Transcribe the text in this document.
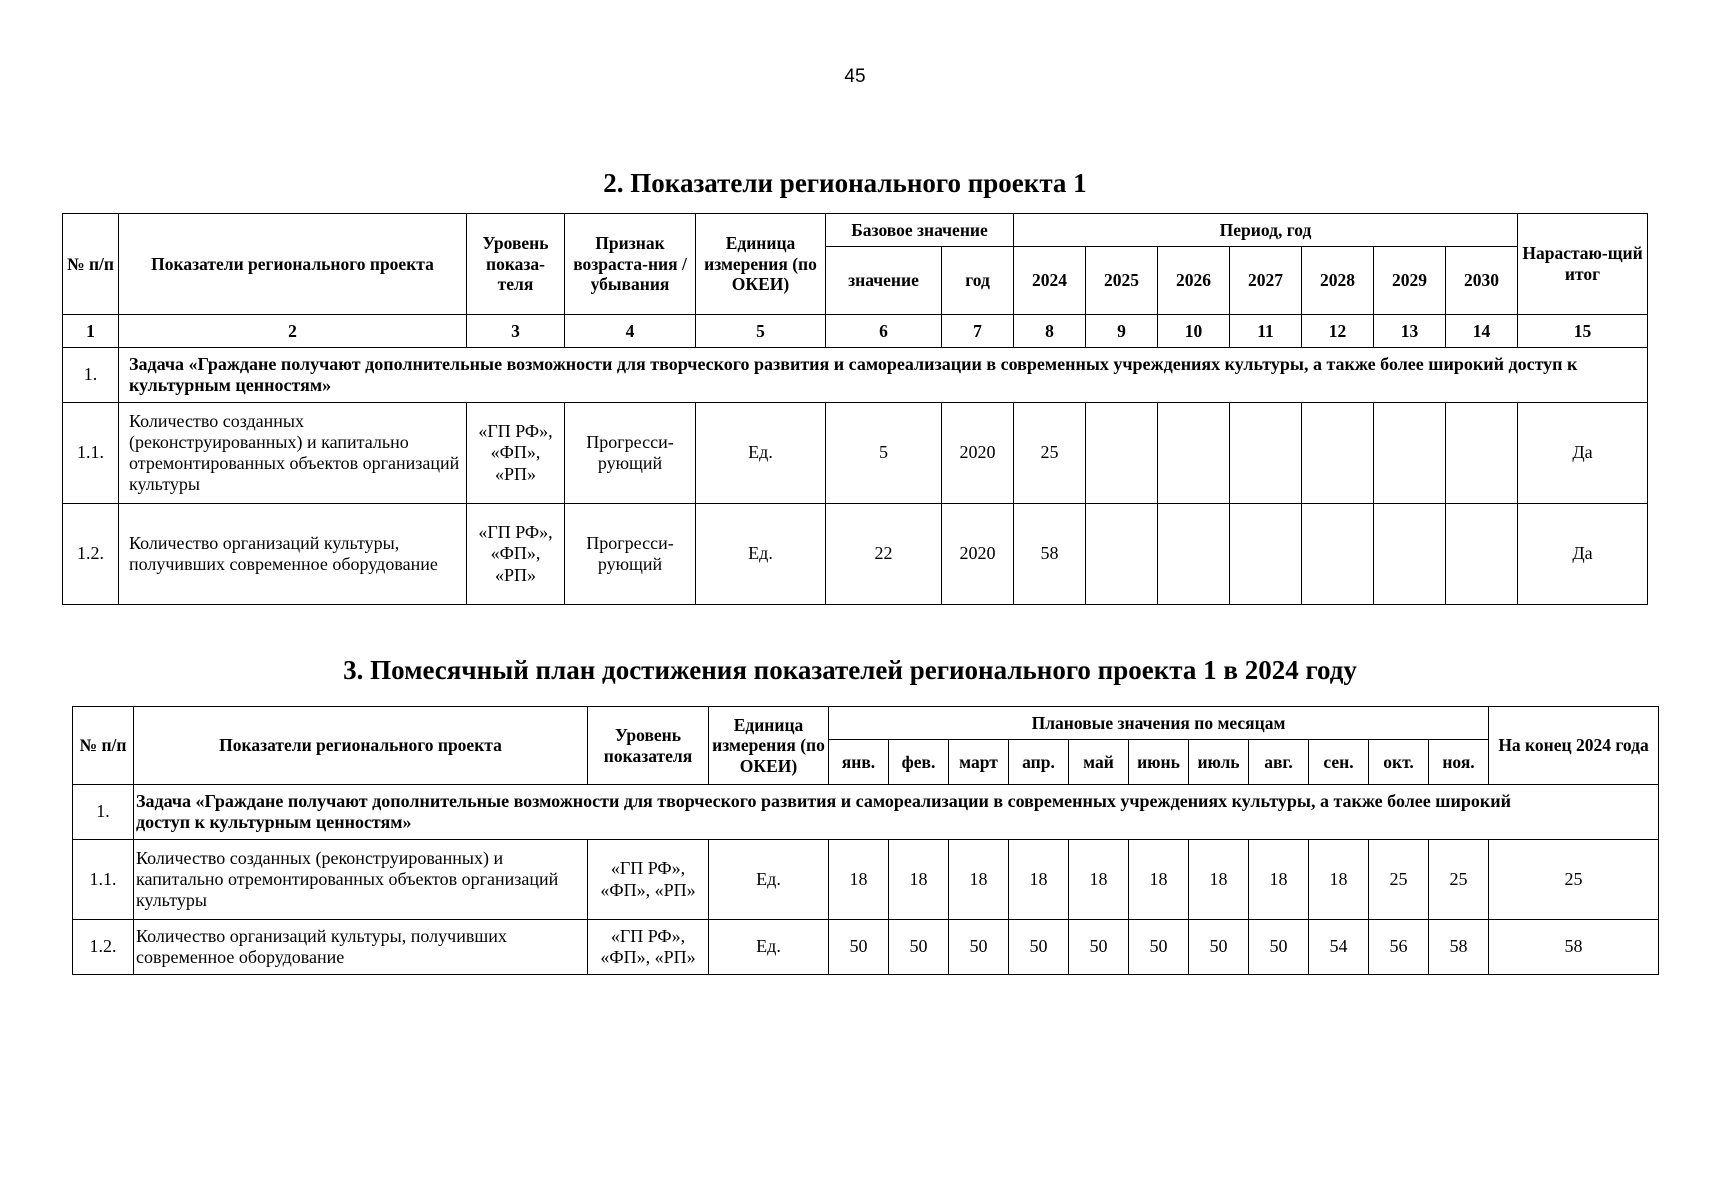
45
2. Показатели регионального проекта 1
№ п/п	Показатели регионального проекта	Уровень показа-теля	Признак возраста-ния / убывания	Единица измерения (по ОКЕИ)	Базовое значение		Период, год							Нарастаю-щий итог
					значение	год	2024	2025	2026	2027	2028	2029	2030	
1	2	3	4	5	6	7	8	9	10	11	12	13	14	15
1.	Задача «Граждане получают дополнительные возможности для творческого развития и самореализации в современных учреждениях культуры, а также более широкий доступ к культурным ценностям»													
1.1.	Количество созданных (реконструированных) и капитально отремонтированных объектов организаций культуры	«ГП РФ», «ФП», «РП»	Прогресси-рующий	Ед.	5	2020	25							Да
1.2.	Количество организаций культуры, получивших современное оборудование	«ГП РФ», «ФП», «РП»	Прогресси-рующий	Ед.	22	2020	58							Да
3. Помесячный план достижения показателей регионального проекта 1 в 2024 году
№ п/п	Показатели регионального проекта	Уровень показателя	Единица измерения (по ОКЕИ)	Плановые значения по месяцам											На конец 2024 года
				янв.	фев.	март	апр.	май	июнь	июль	авг.	сен.	окт.	ноя.	
1.	Задача «Граждане получают дополнительные возможности для творческого развития и самореализации в современных учреждениях культуры, а также более широкий доступ к культурным ценностям»														
1.1.	Количество созданных (реконструированных) и капитально отремонтированных объектов организаций культуры	«ГП РФ», «ФП», «РП»	Ед.	18	18	18	18	18	18	18	18	18	25	25	25
1.2.	Количество организаций культуры, получивших современное оборудование	«ГП РФ», «ФП», «РП»	Ед.	50	50	50	50	50	50	50	50	54	56	58	58
